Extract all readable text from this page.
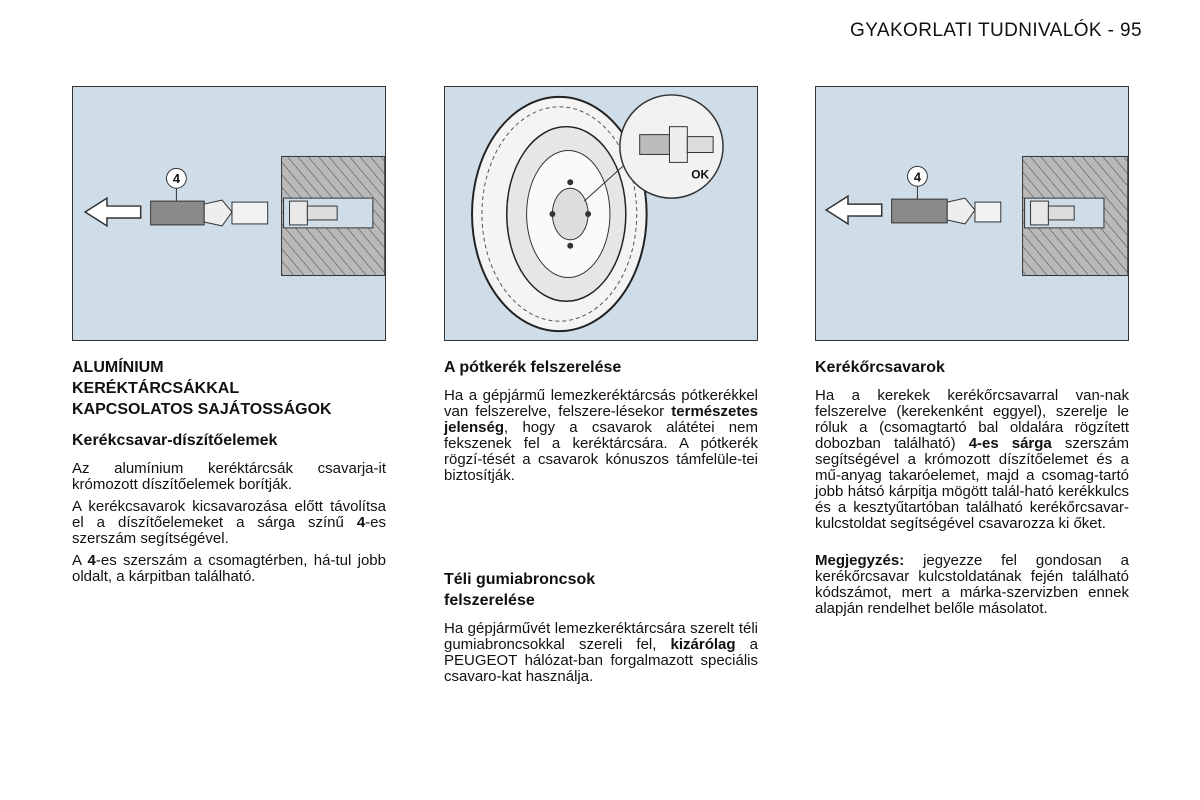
GYAKORLATI TUDNIVALÓK - 95
4	OK	4
ALUMÍNIUM
KERÉKTÁRCSÁKKAL
KAPCSOLATOS SAJÁTOSSÁGOK
Kerékcsavar-díszítőelemek

Az alumínium keréktárcsák csavarja-it krómozott díszítőelemek borítják.

A kerékcsavarok kicsavarozása előtt távolítsa el a díszítőelemeket a sárga színű 4-es szerszám segítségével.

A 4-es szerszám a csomagtérben, há-tul jobb oldalt, a kárpitban található.

A pótkerék felszerelése

Ha a gépjármű lemezkeréktárcsás pótkerékkel van felszerelve, felszere-lésekor természetes jelenség, hogy a csavarok alátétei nem fekszenek fel a keréktárcsára. A pótkerék rögzí-tését a csavarok kónuszos támfelüle-tei biztosítják.

Téli gumiabroncsok
felszerelése

Ha gépjárművét lemezkeréktárcsára szerelt téli gumiabroncsokkal szereli fel, kizárólag a PEUGEOT hálózat-ban forgalmazott speciális csavaro-kat használja.

Kerékőrcsavarok

Ha a kerekek kerékőrcsavarral van-nak felszerelve (kerekenként eggyel), szerelje le róluk a (csomagtartó bal oldalára rögzített dobozban található) 4-es sárga szerszám segítségével a krómozott díszítőelemet és a mű-anyag takaróelemet, majd a csomag-tartó jobb hátsó kárpitja mögött talál-ható kerékkulcs és a kesztyűtartóban található kerékőrcsavar-kulcstoldat segítségével csavarozza ki őket.

Megjegyzés: jegyezze fel gondosan a kerékőrcsavar kulcstoldatának fején található kódszámot, mert a márka-szervizben ennek alapján rendelhet belőle másolatot.
